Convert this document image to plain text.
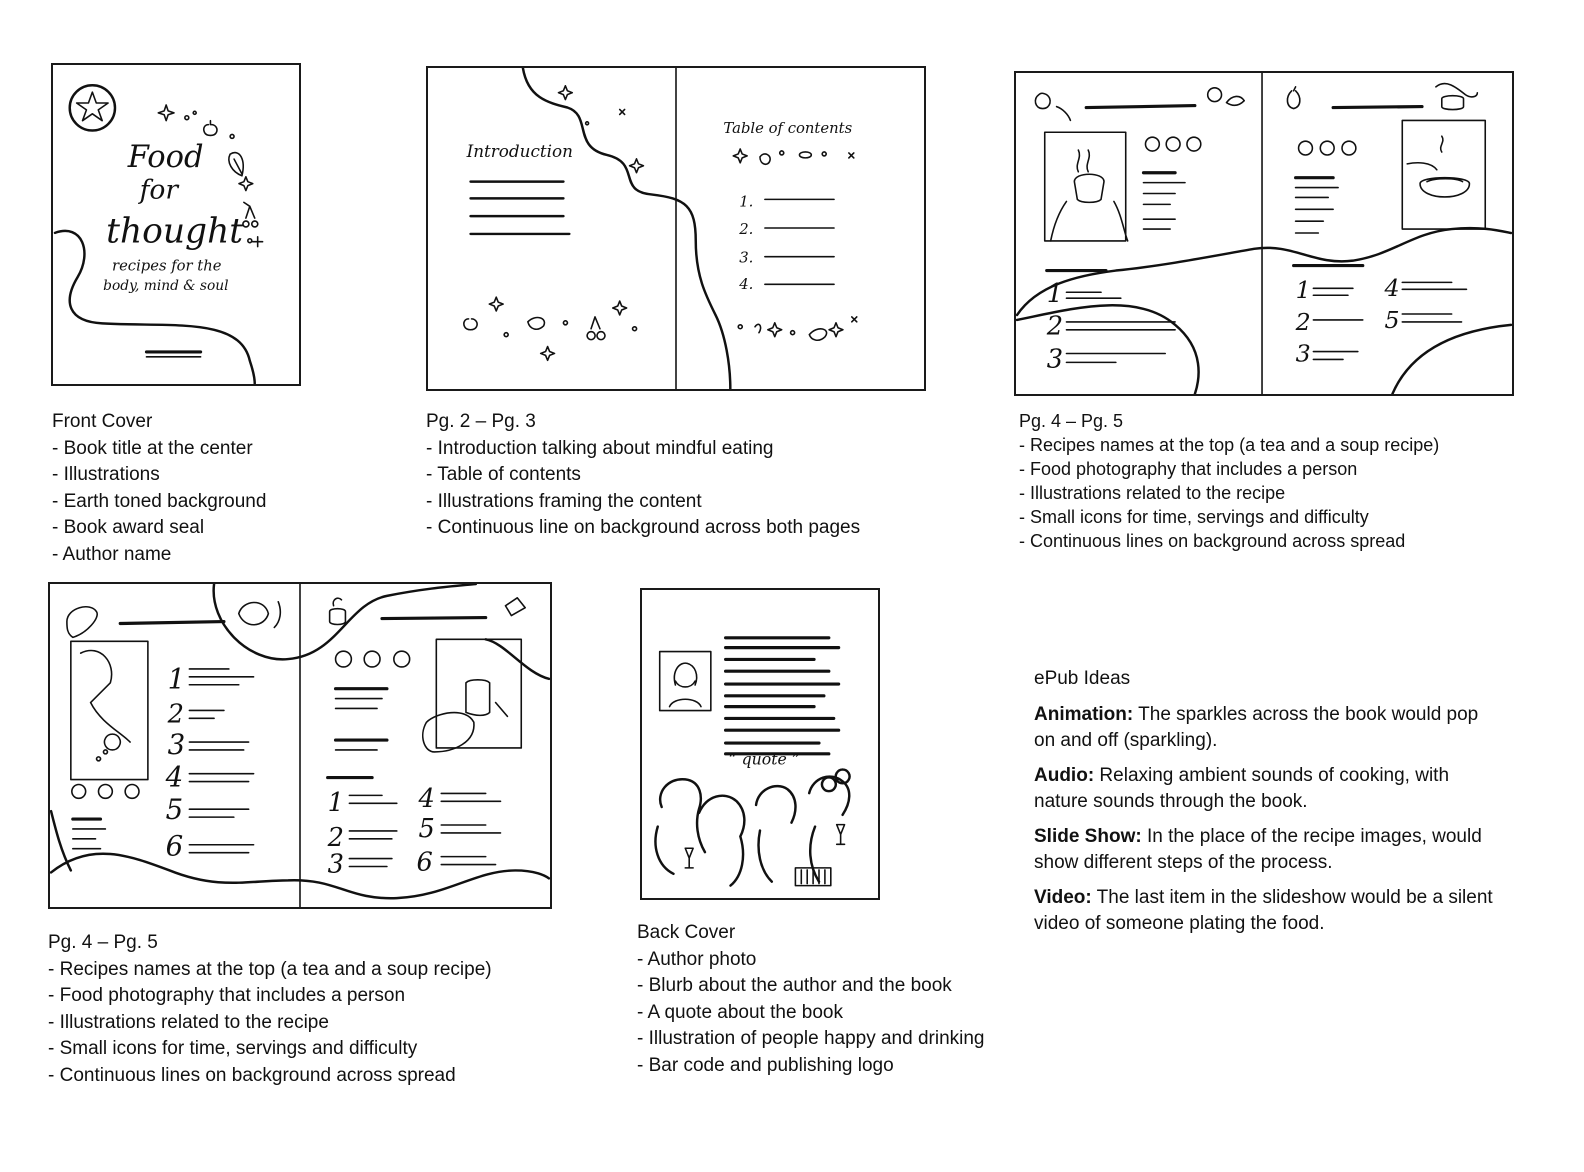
Food
for
thought
recipes for the
body, mind & soul
Introduction
Table of contents
1.
2.
3.
4.	1
2
3
1
2
3
4
5
1
2
3
4
5
6
1
2
3
4
5
6
“ quote ”
Front Cover
- Book title at the center
- Illustrations
- Earth toned background
- Book award seal
- Author name
Pg. 2 – Pg. 3
- Introduction talking about mindful eating
- Table of contents
- Illustrations framing the content
- Continuous line on background across both pages
Pg. 4 – Pg. 5
- Recipes names at the top (a tea and a soup recipe)
- Food photography that includes a person
- Illustrations related to the recipe
- Small icons for time, servings and difficulty
- Continuous lines on background across spread
Pg. 4 – Pg. 5
- Recipes names at the top (a tea and a soup recipe)
- Food photography that includes a person
- Illustrations related to the recipe
- Small icons for time, servings and difficulty
- Continuous lines on background across spread
Back Cover
- Author photo
- Blurb about the author and the book
- A quote about the book
- Illustration of people happy and drinking
- Bar code and publishing logo
ePub Ideas

Animation: The sparkles across the book would pop on and off (sparkling).

Audio: Relaxing ambient sounds of cooking, with nature sounds through the book.

Slide Show: In the place of the recipe images, would show different steps of the process.

Video: The last item in the slideshow would be a silent video of someone plating the food.
